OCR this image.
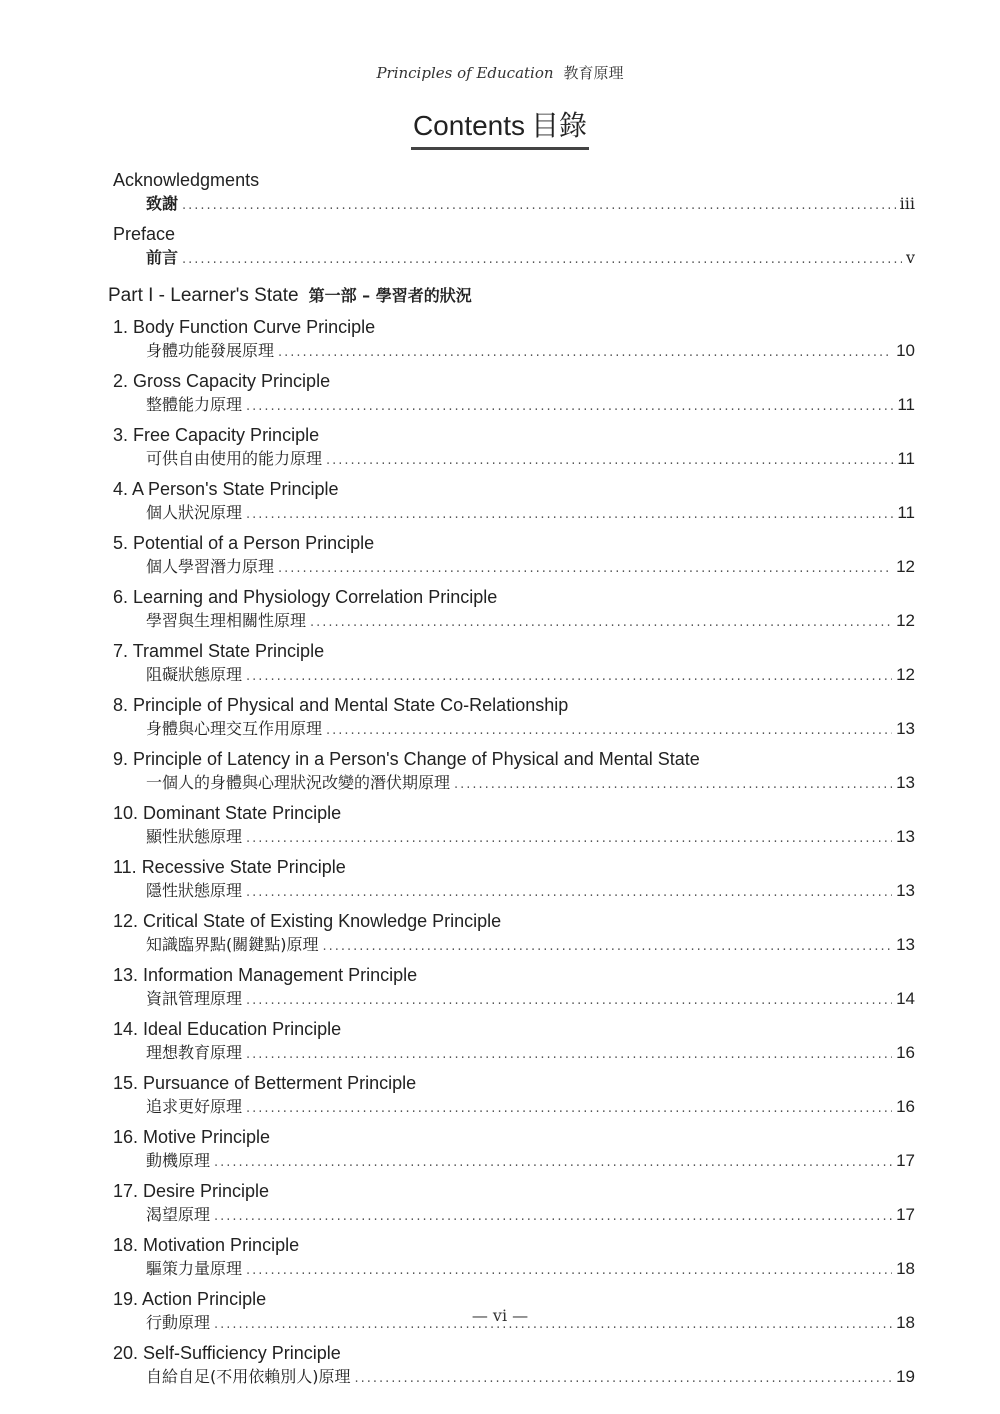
Principles of Education 教育原理
Contents 目錄
Acknowledgments
致謝 .....	iii
Preface
前言 .....	v
Part I - Learner's State 第一部 – 學習者的狀況
1. Body Function Curve Principle
身體功能發展原理 .....	10
2. Gross Capacity Principle
整體能力原理 .....	11
3. Free Capacity Principle
可供自由使用的能力原理 .....	11
4. A Person's State Principle
個人狀況原理 .....	11
5. Potential of a Person Principle
個人學習潛力原理 .....	12
6. Learning and Physiology Correlation Principle
學習與生理相關性原理 .....	12
7. Trammel State Principle
阻礙狀態原理 .....	12
8. Principle of Physical and Mental State Co-Relationship
身體與心理交互作用原理 .....	13
9. Principle of Latency in a Person's Change of Physical and Mental State
一個人的身體與心理狀況改變的潛伏期原理 .....	13
10. Dominant State Principle
顯性狀態原理 .....	13
11. Recessive State Principle
隱性狀態原理 .....	13
12. Critical State of Existing Knowledge Principle
知識臨界點(關鍵點)原理 .....	13
13. Information Management Principle
資訊管理原理 .....	14
14. Ideal Education Principle
理想教育原理 .....	16
15. Pursuance of Betterment Principle
追求更好原理 .....	16
16. Motive Principle
動機原理 .....	17
17. Desire Principle
渴望原理 .....	17
18. Motivation Principle
驅策力量原理 .....	18
19. Action Principle
行動原理 .....	18
20. Self-Sufficiency Principle
自給自足(不用依賴別人)原理 .....	19
— vi —
